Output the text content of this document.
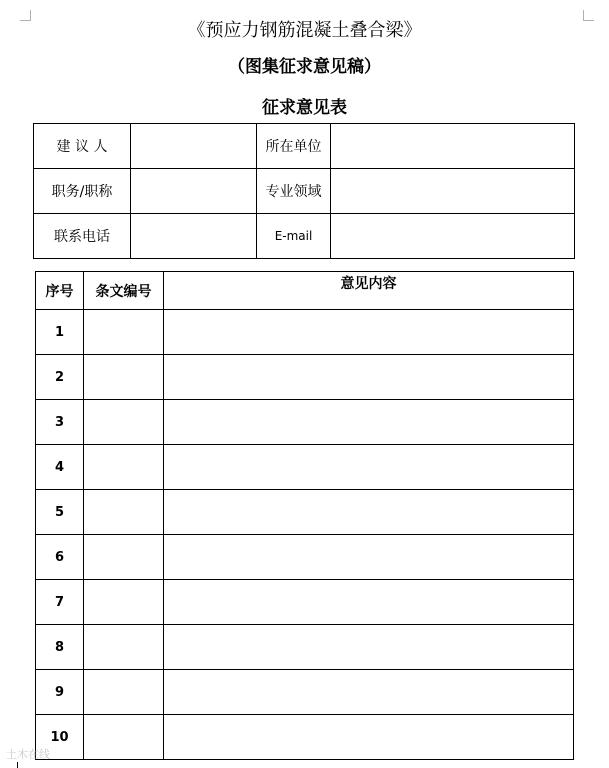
《预应力钢筋混凝土叠合梁》
（图集征求意见稿）
征求意见表
建 议 人		所在单位	
职务/职称		专业领域	
联系电话		E-mail	
序号	条文编号	意见内容
1		
2		
3		
4		
5		
6		
7		
8		
9		
10		
土木在线
